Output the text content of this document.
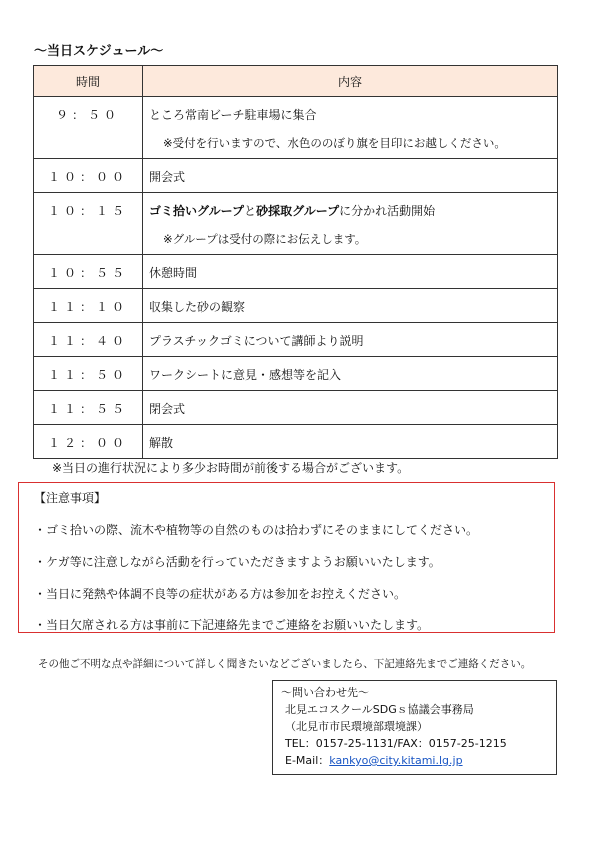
～当日スケジュール～
時間	内容
９：５０	ところ常南ビーチ駐車場に集合
※受付を行いますので、水色ののぼり旗を目印にお越しください。

１０：００	開会式
１０：１５	ゴミ拾いグループと砂採取グループに分かれ活動開始
※グループは受付の際にお伝えします。

１０：５５	休憩時間
１１：１０	収集した砂の観察
１１：４０	プラスチックゴミについて講師より説明
１１：５０	ワークシートに意見・感想等を記入
１１：５５	閉会式
１２：００	解散
※当日の進行状況により多少お時間が前後する場合がございます。
【注意事項】
・ゴミ拾いの際、流木や植物等の自然のものは拾わずにそのままにしてください。
・ケガ等に注意しながら活動を行っていただきますようお願いいたします。
・当日に発熱や体調不良等の症状がある方は参加をお控えください。
・当日欠席される方は事前に下記連絡先までご連絡をお願いいたします。
その他ご不明な点や詳細について詳しく聞きたいなどございましたら、下記連絡先までご連絡ください。
～問い合わせ先～
北見エコスクールSDGｓ協議会事務局
（北見市市民環境部環境課）
TEL：0157-25-1131/FAX：0157-25-1215
E-Mail：kankyo@city.kitami.lg.jp
